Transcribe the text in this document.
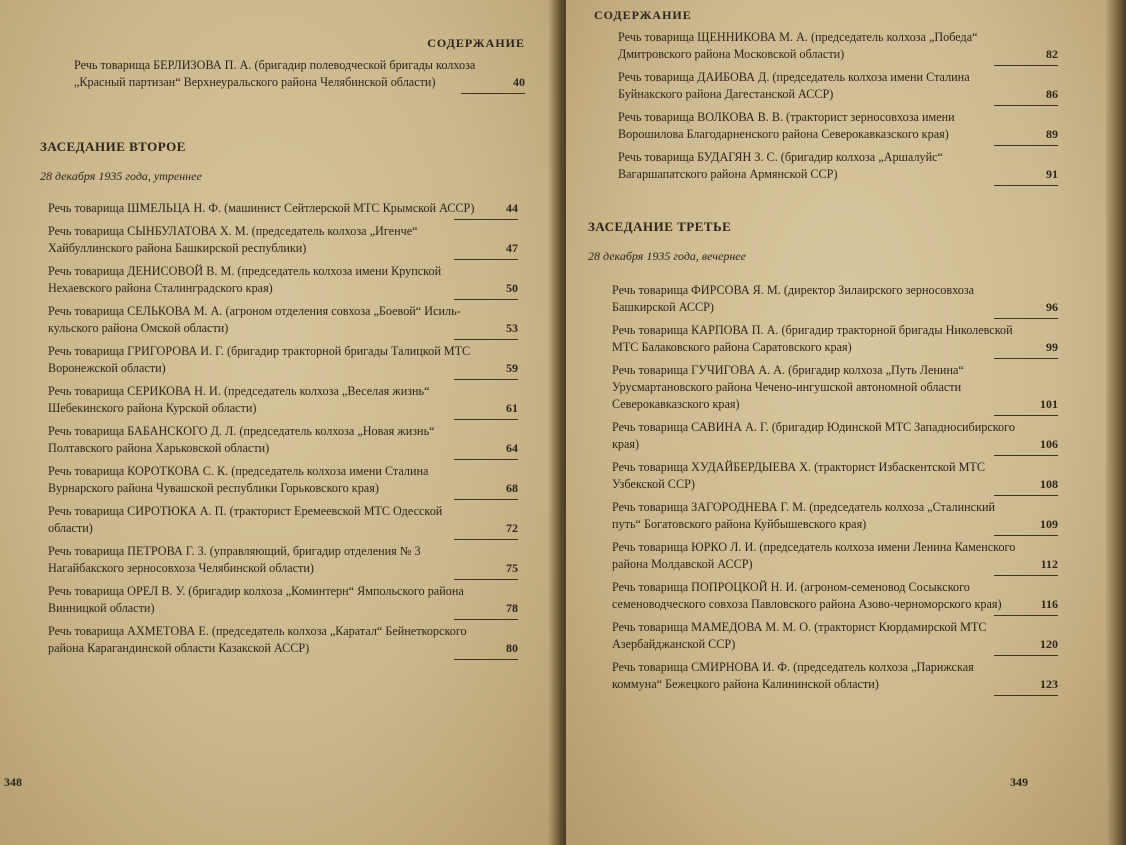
СОДЕРЖАНИЕ
Речь товарища БЕРЛИЗОВА П. А. (бригадир полеводческой бригады колхоза „Красный партизан“ Верхнеуральского района Челябинской области)	40
ЗАСЕДАНИЕ ВТОРОЕ
28 декабря 1935 года, утреннее
Речь товарища ШМЕЛЬЦА Н. Ф. (машинист Сейтлерской МТС Крымской АССР)	44
Речь товарища СЫНБУЛАТОВА Х. М. (председатель колхоза „Игенче“ Хайбуллинского района Башкирской республики)	47
Речь товарища ДЕНИСОВОЙ В. М. (председатель колхоза имени Крупской Нехаевского района Сталинградского края)	50
Речь товарища СЕЛЬКОВА М. А. (агроном отделения совхоза „Боевой“ Исиль-кульского района Омской области)	53
Речь товарища ГРИГОРОВА И. Г. (бригадир тракторной бригады Талицкой МТС Воронежской области)	59
Речь товарища СЕРИКОВА Н. И. (председатель колхоза „Веселая жизнь“ Шебекинского района Курской области)	61
Речь товарища БАБАНСКОГО Д. Л. (председатель колхоза „Новая жизнь“ Полтавского района Харьковской области)	64
Речь товарища КОРОТКОВА С. К. (председатель колхоза имени Сталина Вурнарского района Чувашской республики Горьковского края)	68
Речь товарища СИРОТЮКА А. П. (тракторист Еремеевской МТС Одесской области)	72
Речь товарища ПЕТРОВА Г. З. (управляющий, бригадир отделения № 3 Нагайбакского зерносовхоза Челябинской области)	75
Речь товарища ОРЕЛ В. У. (бригадир колхоза „Коминтерн“ Ямпольского района Винницкой области)	78
Речь товарища АХМЕТОВА Е. (председатель колхоза „Каратал“ Бейнеткорского района Карагандинской области Казакской АССР)	80
348
СОДЕРЖАНИЕ
Речь товарища ЩЕННИКОВА М. А. (председатель колхоза „Победа“ Дмитровского района Московской области)	82
Речь товарища ДАИБОВА Д. (председатель колхоза имени Сталина Буйнакского района Дагестанской АССР)	86
Речь товарища ВОЛКОВА В. В. (тракторист зерносовхоза имени Ворошилова Благодарненского района Северокавказского края)	89
Речь товарища БУДАГЯН З. С. (бригадир колхоза „Аршалуйс“ Вагаршапатского района Армянской ССР)	91
ЗАСЕДАНИЕ ТРЕТЬЕ
28 декабря 1935 года, вечернее
Речь товарища ФИРСОВА Я. М. (директор Зилаирского зерносовхоза Башкирской АССР)	96
Речь товарища КАРПОВА П. А. (бригадир тракторной бригады Николевской МТС Балаковского района Саратовского края)	99
Речь товарища ГУЧИГОВА А. А. (бригадир колхоза „Путь Ленина“ Урусмартановского района Чечено-ингушской автономной области Северокавказского края)	101
Речь товарища САВИНА А. Г. (бригадир Юдинской МТС Западносибирского края)	106
Речь товарища ХУДАЙБЕРДЫЕВА Х. (тракторист Избаскентской МТС Узбекской ССР)	108
Речь товарища ЗАГОРОДНЕВА Г. М. (председатель колхоза „Сталинский путь“ Богатовского района Куйбышевского края)	109
Речь товарища ЮРКО Л. И. (председатель колхоза имени Ленина Каменского района Молдавской АССР)	112
Речь товарища ПОПРОЦКОЙ Н. И. (агроном-семеновод Сосыкского семеноводческого совхоза Павловского района Азово-черноморского края)	116
Речь товарища МАМЕДОВА М. М. О. (тракторист Кюрдамирской МТС Азербайджанской ССР)	120
Речь товарища СМИРНОВА И. Ф. (председатель колхоза „Парижская коммуна“ Бежецкого района Калининской области)	123
349
